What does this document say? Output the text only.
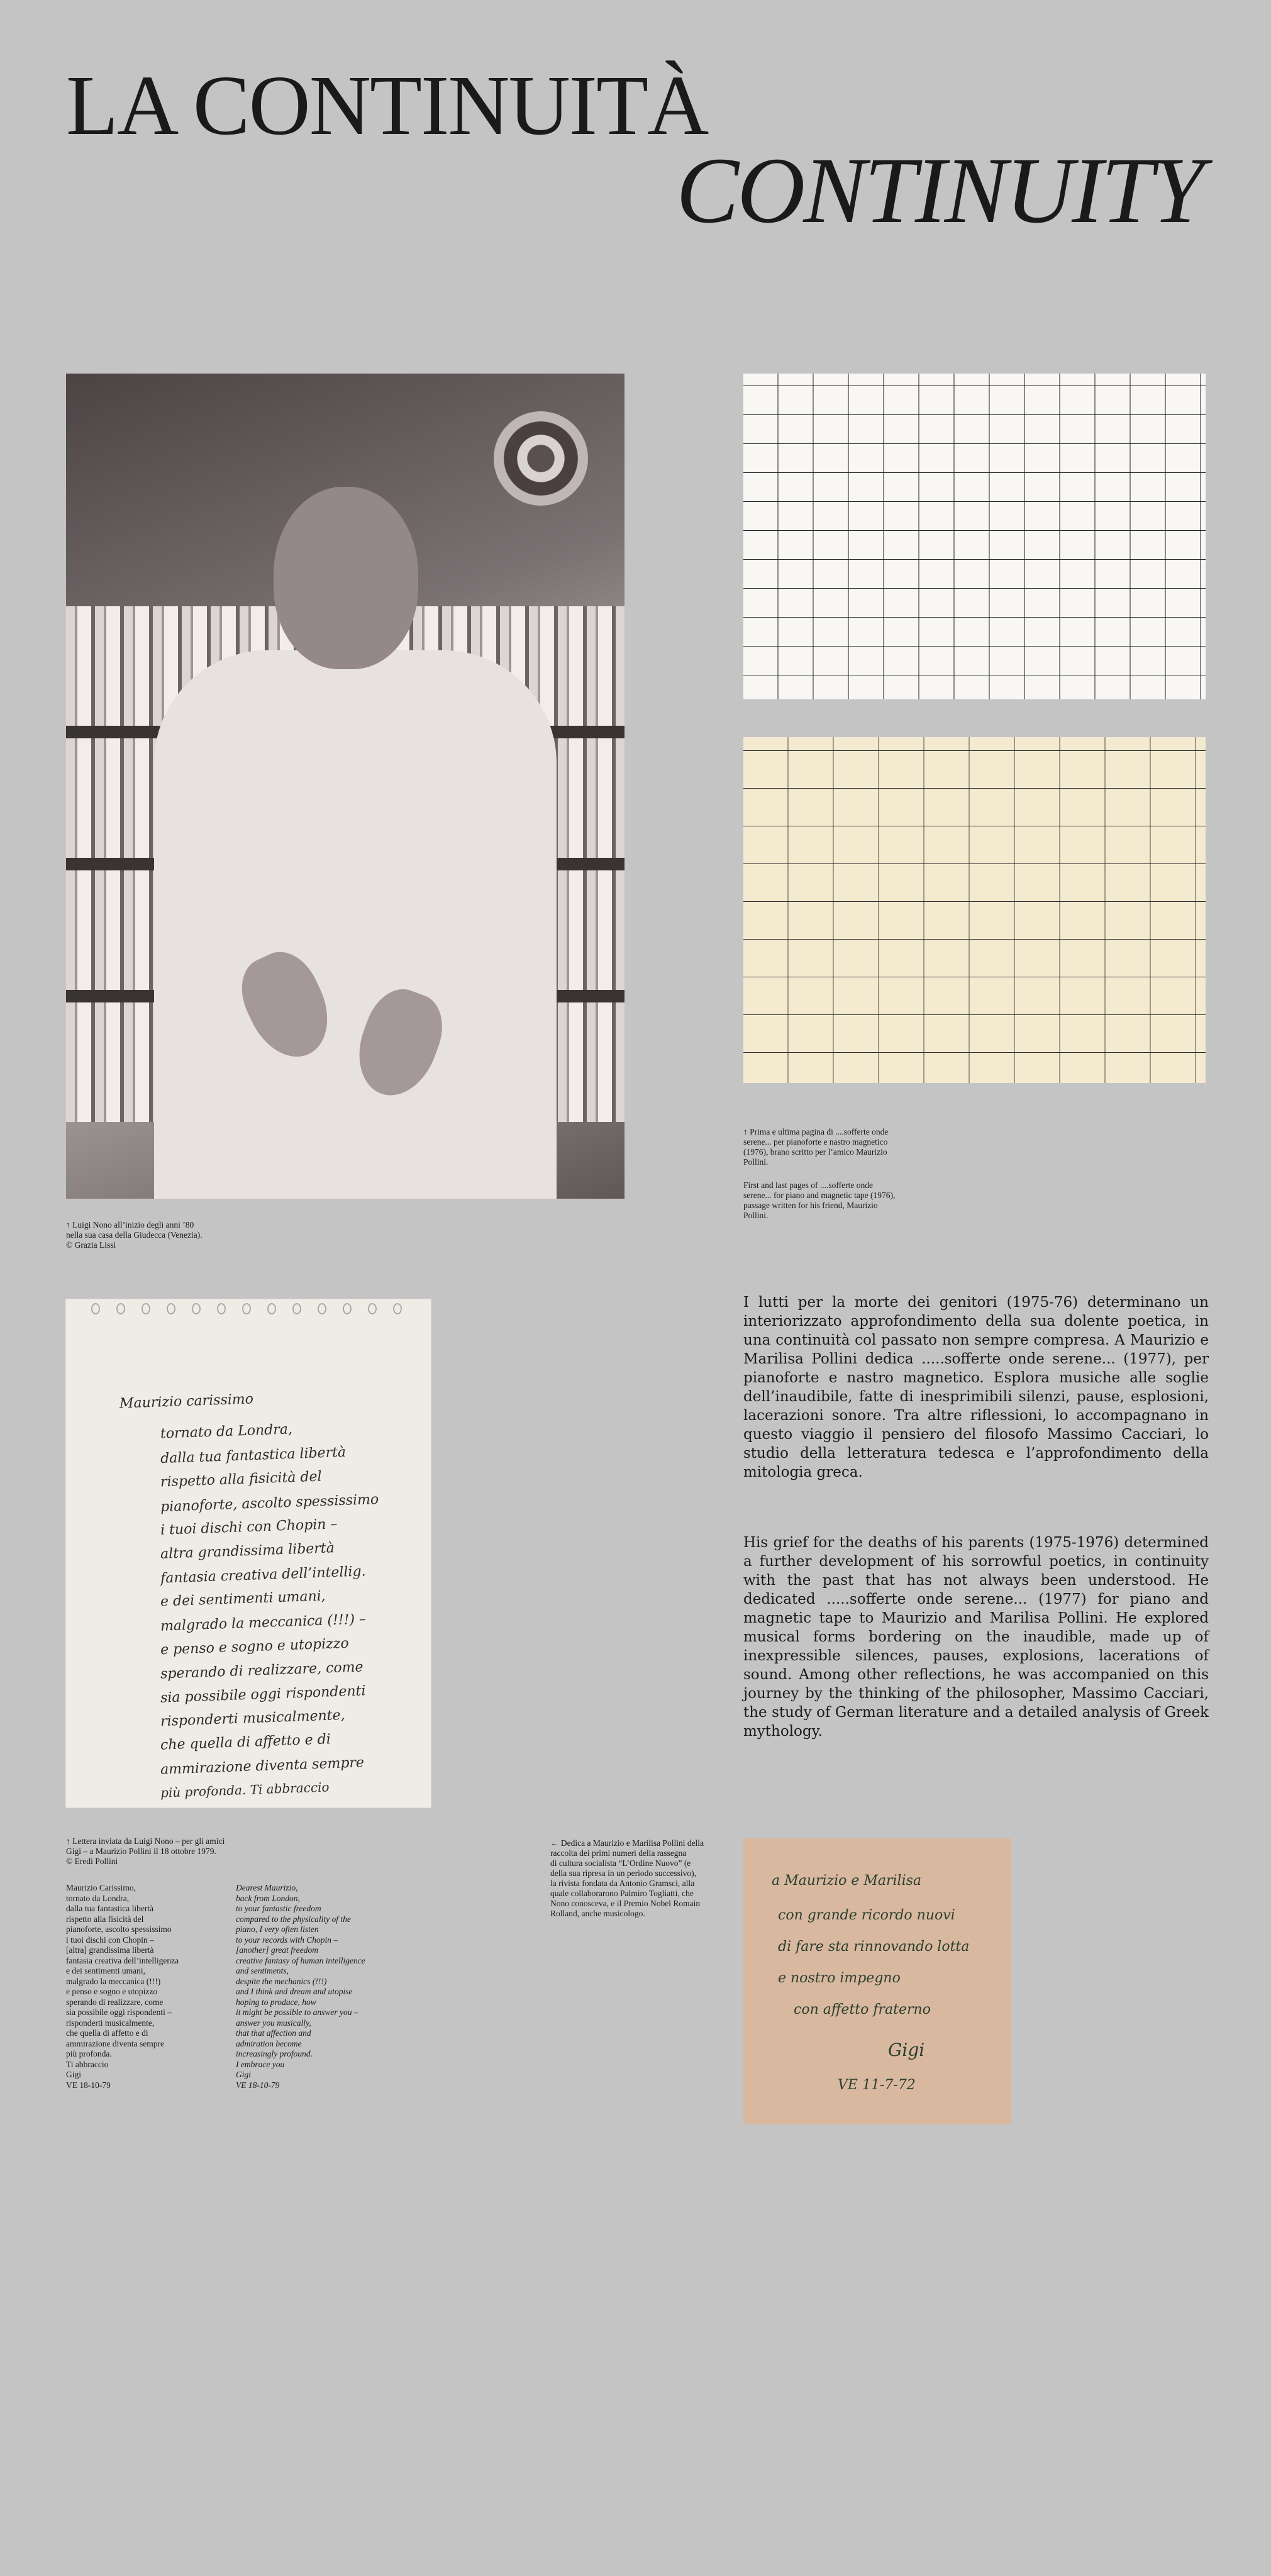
LA CONTINUITÀ
CONTINUITY
↑ Luigi Nono all’inizio degli anni ’80
nella sua casa della Giudecca (Venezia).
© Grazia Lissi
↑ Prima e ultima pagina di ....sofferte onde
serene... per pianoforte e nastro magnetico
(1976), brano scritto per l’amico Maurizio
Pollini.
First and last pages of ....sofferte onde
serene... for piano and magnetic tape (1976),
passage written for his friend, Maurizio
Pollini.
Maurizio carissimo
tornato da Londra,
dalla tua fantastica libertà
rispetto alla fisicità del
pianoforte, ascolto spessissimo
i tuoi dischi con Chopin –
altra grandissima libertà
fantasia creativa dell’intellig.
e dei sentimenti umani,
malgrado la meccanica (!!!) –
e penso e sogno e utopizzo
sperando di realizzare, come
sia possibile oggi rispondenti
risponderti musicalmente,
che quella di affetto e di
ammirazione diventa sempre
più profonda. Ti abbraccio
↑ Lettera inviata da Luigi Nono – per gli amici
Gigi – a Maurizio Pollini il 18 ottobre 1979.
© Eredi Pollini
Maurizio Carissimo,
tornato da Londra,
dalla tua fantastica libertà
rispetto alla fisicità del
pianoforte, ascolto spessissimo
i tuoi dischi con Chopin –
[altra] grandissima libertà
fantasia creativa dell’intelligenza
e dei sentimenti umani,
malgrado la meccanica (!!!)
e penso e sogno e utopizzo
sperando di realizzare, come
sia possibile oggi rispondenti –
risponderti musicalmente,
che quella di affetto e di
ammirazione diventa sempre
più profonda.
Ti abbraccio
Gigi
VE 18-10-79
Dearest Maurizio,
back from London,
to your fantastic freedom
compared to the physicality of the
piano, I very often listen
to your records with Chopin –
[another] great freedom
creative fantasy of human intelligence
and sentiments,
despite the mechanics (!!!)
and I think and dream and utopise
hoping to produce, how
it might be possible to answer you –
answer you musically,
that that affection and
admiration become
increasingly profound.
I embrace you
Gigi
VE 18-10-79
I lutti per la morte dei genitori (1975-76) determinano un interiorizzato approfondimento della sua dolente poetica, in una continuità col passato non sempre compresa. A Maurizio e Marilisa Pollini dedica .....sofferte onde serene... (1977), per pianoforte e nastro magnetico. Esplora musiche alle soglie dell’inaudibile, fatte di inesprimibili silenzi, pause, esplosioni, lacerazioni sonore. Tra altre riflessioni, lo accompagnano in questo viaggio il pensiero del filosofo Massimo Cacciari, lo studio della letteratura tedesca e l’approfondimento della mitologia greca.
His grief for the deaths of his parents (1975-1976) determined a further development of his sorrowful poetics, in continuity with the past that has not always been understood. He dedicated .....sofferte onde serene... (1977) for piano and magnetic tape to Maurizio and Marilisa Pollini. He explored musical forms bordering on the inaudible, made up of inexpressible silences, pauses, explosions, lacerations of sound. Among other reflections, he was accompanied on this journey by the thinking of the philosopher, Massimo Cacciari, the study of German literature and a detailed analysis of Greek mythology.
← Dedica a Maurizio e Marilisa Pollini della
raccolta dei primi numeri della rassegna
di cultura socialista “L’Ordine Nuovo” (e
della sua ripresa in un periodo successivo),
la rivista fondata da Antonio Gramsci, alla
quale collaborarono Palmiro Togliatti, che
Nono conosceva, e il Premio Nobel Romain
Rolland, anche musicologo.
a Maurizio e Marilisa
con grande ricordo nuovi
di fare sta rinnovando lotta
e nostro impegno
con affetto fraterno
Gigi
VE 11-7-72
